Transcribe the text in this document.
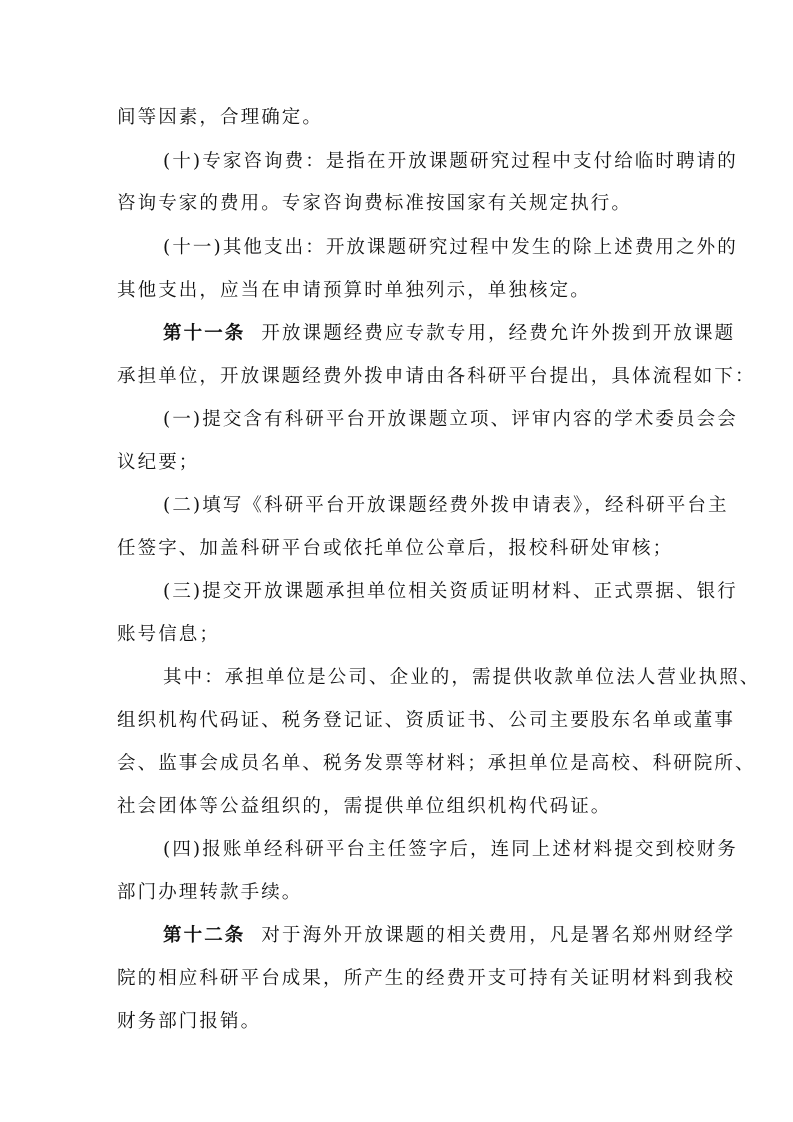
间等因素，合理确定。
(十)专家咨询费：是指在开放课题研究过程中支付给临时聘请的
咨询专家的费用。专家咨询费标准按国家有关规定执行。
(十一)其他支出：开放课题研究过程中发生的除上述费用之外的
其他支出，应当在申请预算时单独列示，单独核定。
第十一条 开放课题经费应专款专用，经费允许外拨到开放课题
承担单位，开放课题经费外拨申请由各科研平台提出，具体流程如下：
(一)提交含有科研平台开放课题立项、评审内容的学术委员会会
议纪要；
(二)填写《科研平台开放课题经费外拨申请表》，经科研平台主
任签字、加盖科研平台或依托单位公章后，报校科研处审核；
(三)提交开放课题承担单位相关资质证明材料、正式票据、银行
账号信息；
其中：承担单位是公司、企业的，需提供收款单位法人营业执照、
组织机构代码证、税务登记证、资质证书、公司主要股东名单或董事
会、监事会成员名单、税务发票等材料；承担单位是高校、科研院所、
社会团体等公益组织的，需提供单位组织机构代码证。
(四)报账单经科研平台主任签字后，连同上述材料提交到校财务
部门办理转款手续。
第十二条 对于海外开放课题的相关费用，凡是署名郑州财经学
院的相应科研平台成果，所产生的经费开支可持有关证明材料到我校
财务部门报销。
